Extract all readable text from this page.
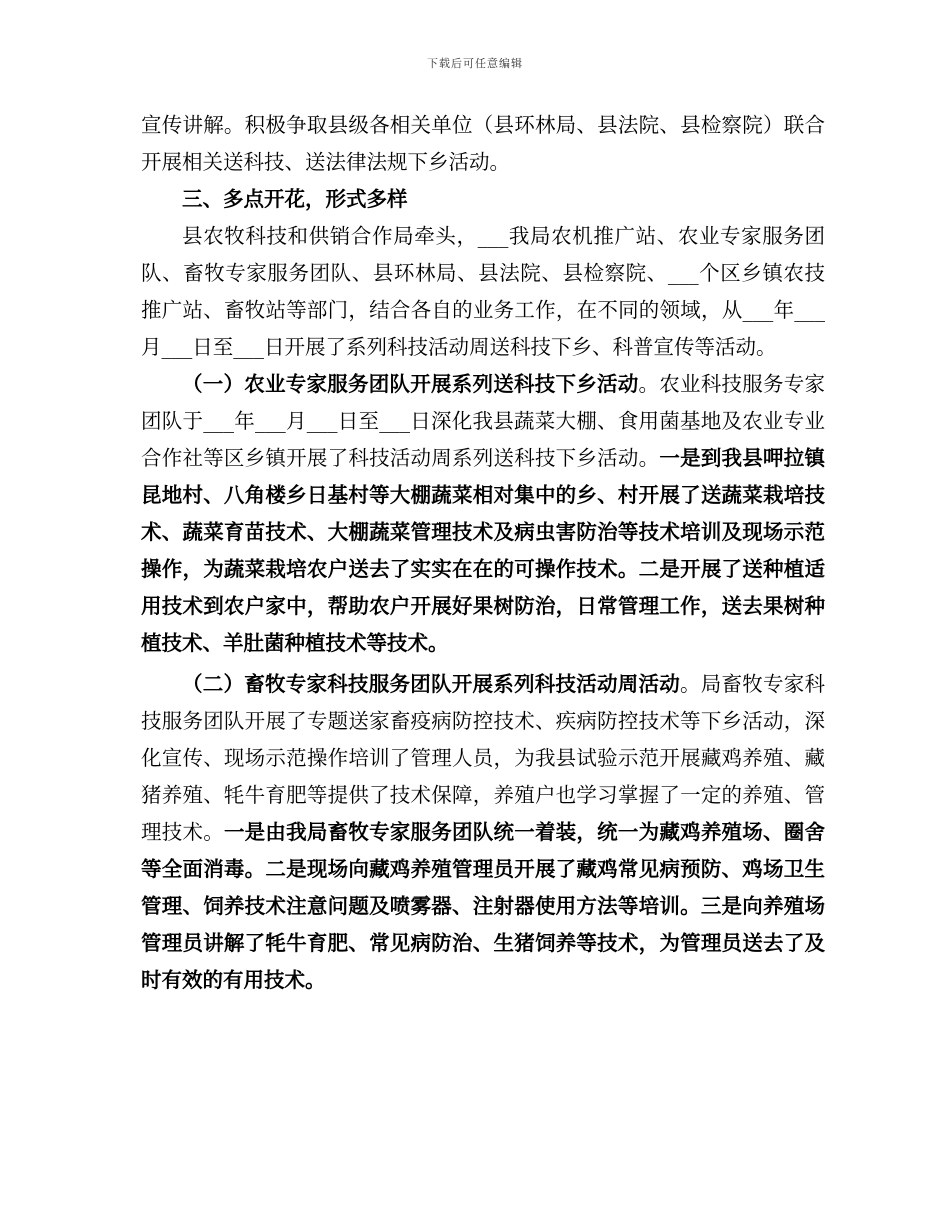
下载后可任意编辑

宣传讲解。积极争取县级各相关单位（县环林局、县法院、县检察院）联合开展相关送科技、送法律法规下乡活动。

三、多点开花，形式多样

县农牧科技和供销合作局牵头，___我局农机推广站、农业专家服务团队、畜牧专家服务团队、县环林局、县法院、县检察院、___个区乡镇农技推广站、畜牧站等部门，结合各自的业务工作，在不同的领域，从___年___月___日至___日开展了系列科技活动周送科技下乡、科普宣传等活动。

（一）农业专家服务团队开展系列送科技下乡活动。农业科技服务专家团队于___年___月___日至___日深化我县蔬菜大棚、食用菌基地及农业专业合作社等区乡镇开展了科技活动周系列送科技下乡活动。一是到我县呷拉镇昆地村、八角楼乡日基村等大棚蔬菜相对集中的乡、村开展了送蔬菜栽培技术、蔬菜育苗技术、大棚蔬菜管理技术及病虫害防治等技术培训及现场示范操作，为蔬菜栽培农户送去了实实在在的可操作技术。二是开展了送种植适用技术到农户家中，帮助农户开展好果树防治，日常管理工作，送去果树种植技术、羊肚菌种植技术等技术。

（二）畜牧专家科技服务团队开展系列科技活动周活动。局畜牧专家科技服务团队开展了专题送家畜疫病防控技术、疾病防控技术等下乡活动，深化宣传、现场示范操作培训了管理人员，为我县试验示范开展藏鸡养殖、藏猪养殖、牦牛育肥等提供了技术保障，养殖户也学习掌握了一定的养殖、管理技术。一是由我局畜牧专家服务团队统一着装，统一为藏鸡养殖场、圈舍等全面消毒。二是现场向藏鸡养殖管理员开展了藏鸡常见病预防、鸡场卫生管理、饲养技术注意问题及喷雾器、注射器使用方法等培训。三是向养殖场管理员讲解了牦牛育肥、常见病防治、生猪饲养等技术，为管理员送去了及时有效的有用技术。
